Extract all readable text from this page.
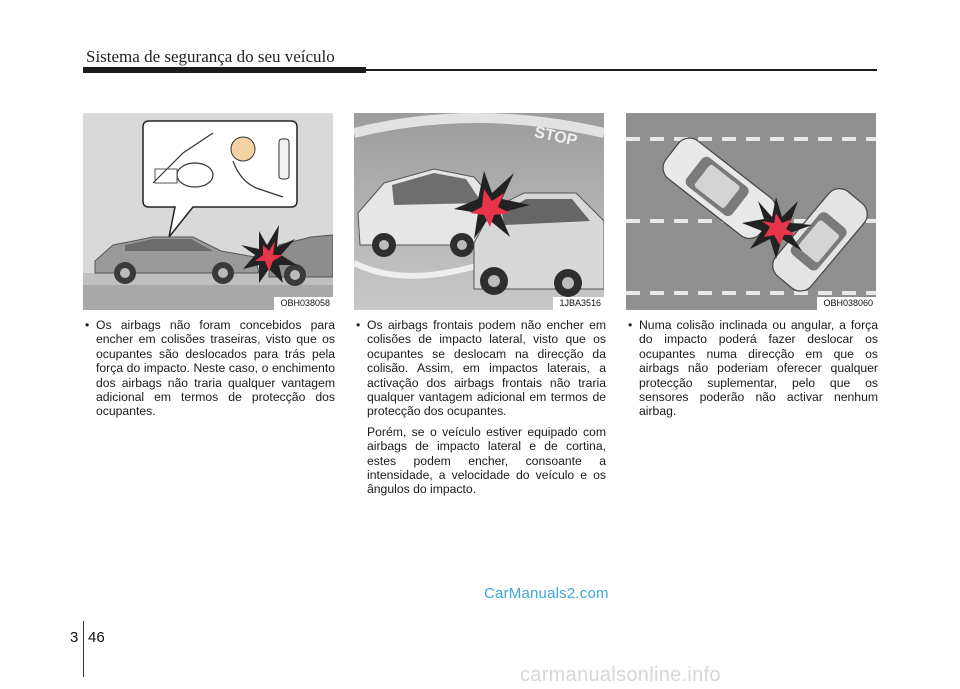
Sistema de segurança do seu veículo
OBH038058
STOP
1JBA3516	OBH038060

• Os airbags não foram concebidos para encher em colisões traseiras, visto que os ocupantes são deslocados para trás pela força do impacto. Neste caso, o enchimento dos airbags não traria qualquer vantagem adicional em termos de protecção dos ocupantes.

• Os airbags frontais podem não encher em colisões de impacto lateral, visto que os ocupantes se deslocam na direcção da colisão. Assim, em impactos laterais, a activação dos airbags frontais não traria qualquer vantagem adicional em termos de protecção dos ocupantes.

Porém, se o veículo estiver equipado com airbags de impacto lateral e de cortina, estes podem encher, consoante a intensidade, a velocidade do veículo e os ângulos do impacto.

• Numa colisão inclinada ou angular, a força do impacto poderá fazer deslocar os ocupantes numa direcção em que os airbags não poderiam oferecer qualquer protecção suplementar, pelo que os sensores poderão não activar nenhum airbag.

CarManuals2.com
3 46
carmanualsonline.info
